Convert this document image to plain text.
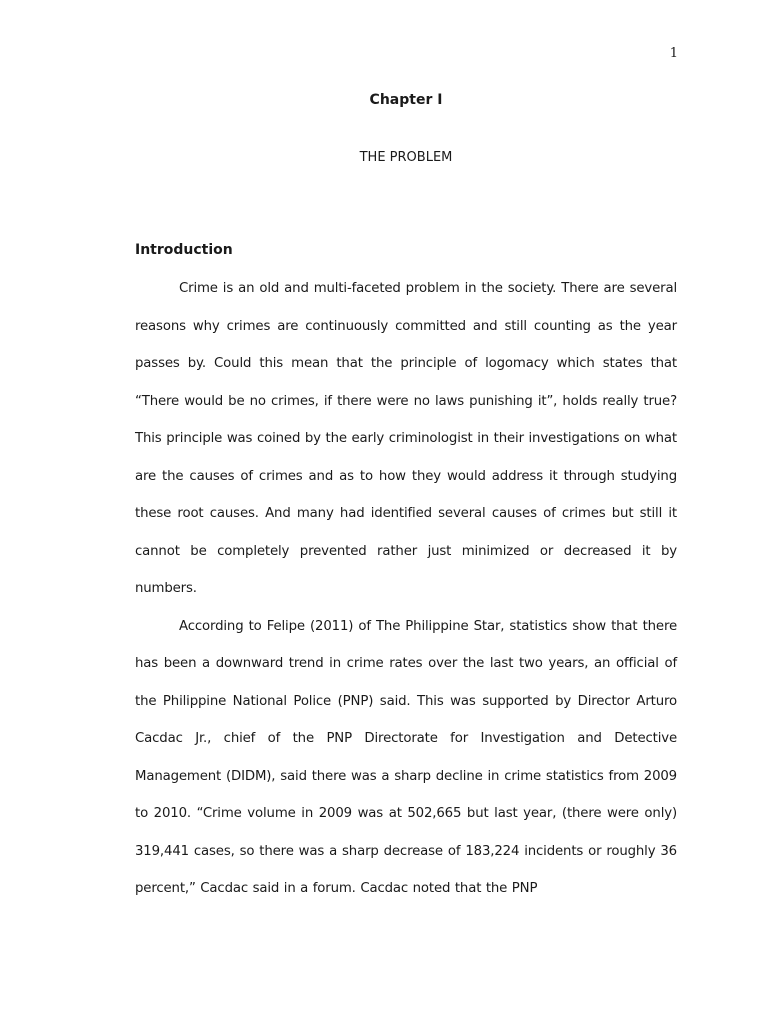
1
Chapter I
THE PROBLEM
Introduction

Crime is an old and multi-faceted problem in the society. There are several reasons why crimes are continuously committed and still counting as the year passes by. Could this mean that the principle of logomacy which states that “There would be no crimes, if there were no laws punishing it”, holds really true? This principle was coined by the early criminologist in their investigations on what are the causes of crimes and as to how they would address it through studying these root causes. And many had identified several causes of crimes but still it cannot be completely prevented rather just minimized or decreased it by numbers.

According to Felipe (2011) of The Philippine Star, statistics show that there has been a downward trend in crime rates over the last two years, an official of the Philippine National Police (PNP) said. This was supported by Director Arturo Cacdac Jr., chief of the PNP Directorate for Investigation and Detective Management (DIDM), said there was a sharp decline in crime statistics from 2009 to 2010. “Crime volume in 2009 was at 502,665 but last year, (there were only) 319,441 cases, so there was a sharp decrease of 183,224 incidents or roughly 36 percent,” Cacdac said in a forum. Cacdac noted that the PNP
